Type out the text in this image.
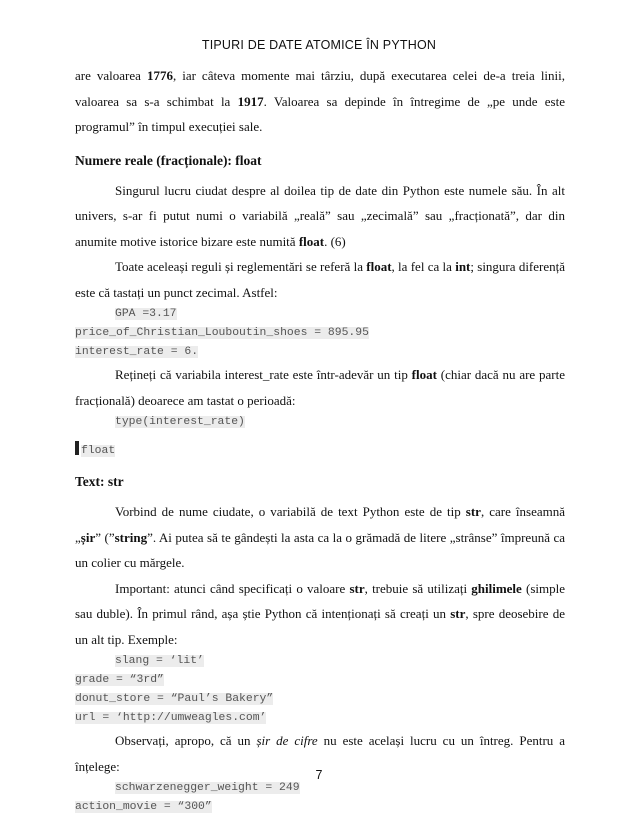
TIPURI DE DATE ATOMICE ÎN PYTHON

are valoarea 1776, iar câteva momente mai târziu, după executarea celei de-a treia linii, valoarea sa s-a schimbat la 1917. Valoarea sa depinde în întregime de „pe unde este programul” în timpul execuției sale.

Numere reale (fracționale): float

Singurul lucru ciudat despre al doilea tip de date din Python este numele său. În alt univers, s-ar fi putut numi o variabilă „reală” sau „zecimală” sau „fracționată”, dar din anumite motive istorice bizare este numită float. (6)

Toate aceleași reguli și reglementări se referă la float, la fel ca la int; singura diferență este că tastați un punct zecimal. Astfel:

GPA =3.17
price_of_Christian_Louboutin_shoes = 895.95
interest_rate = 6.

Rețineți că variabila interest_rate este într-adevăr un tip float (chiar dacă nu are parte fracțională) deoarece am tastat o perioadă:

type(interest_rate)
float
Text: str

Vorbind de nume ciudate, o variabilă de text Python este de tip str, care înseamnă „șir” (”string”. Ai putea să te gândești la asta ca la o grămadă de litere „strânse” împreună ca un colier cu mărgele.

Important: atunci când specificați o valoare str, trebuie să utilizați ghilimele (simple sau duble). În primul rând, așa știe Python că intenționați să creați un str, spre deosebire de un alt tip. Exemple:

slang = ‘lit’
grade = “3rd”
donut_store = “Paul’s Bakery”
url = ‘http://umweagles.com’

Observați, apropo, că un șir de cifre nu este același lucru cu un întreg. Pentru a înțelege:

schwarzenegger_weight = 249
action_movie = “300”
7
